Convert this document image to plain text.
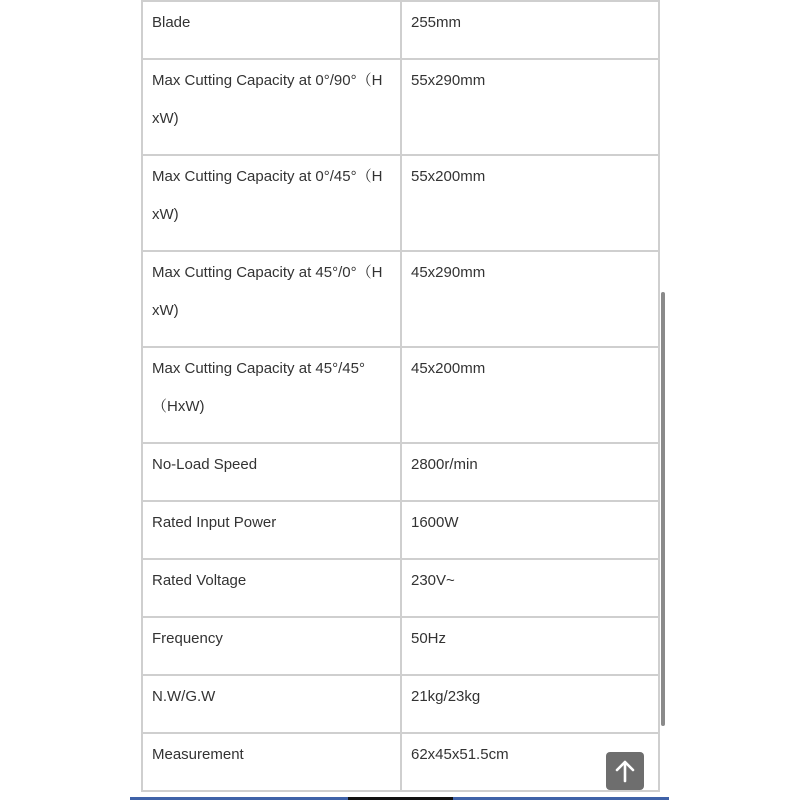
Blade	255mm
Max Cutting Capacity at 0°/90°（H xW)	55x290mm
Max Cutting Capacity at 0°/45°（H xW)	55x200mm
Max Cutting Capacity at 45°/0°（H xW)	45x290mm
Max Cutting Capacity at 45°/45°（HxW)	45x200mm
No-Load Speed	2800r/min
Rated Input Power	1600W
Rated Voltage	230V~
Frequency	50Hz
N.W/G.W	21kg/23kg
Measurement	62x45x51.5cm
